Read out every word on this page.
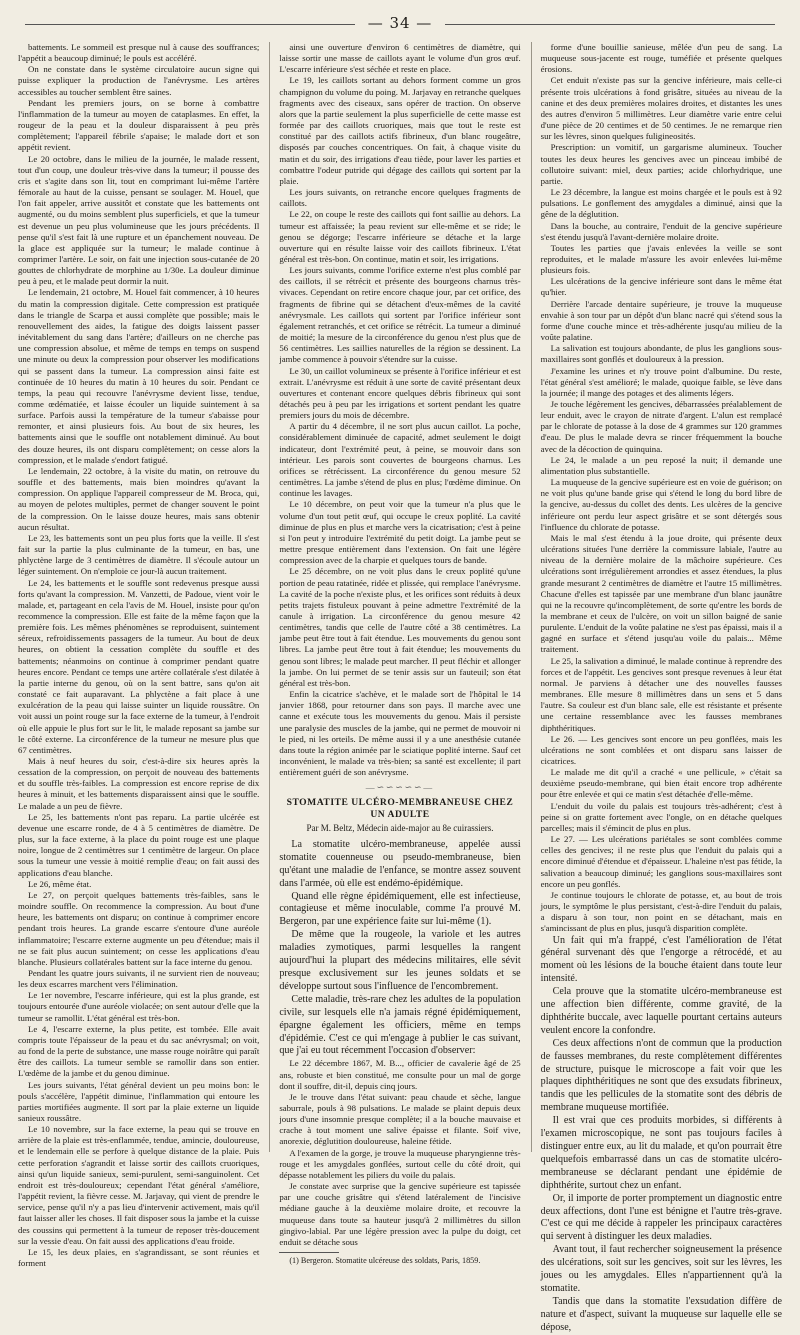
— 34 —

battements. Le sommeil est presque nul à cause des souffrances; l'appétit a beaucoup diminué; le pouls est accéléré.

On ne constate dans le système circulatoire aucun signe qui puisse expliquer la production de l'anévrysme. Les artères accessibles au toucher semblent être saines.

Pendant les premiers jours, on se borne à combattre l'inflammation de la tumeur au moyen de cataplasmes. En effet, la rougeur de la peau et la douleur disparaissent à peu près complètement; l'appareil fébrile s'apaise; le malade dort et son appétit revient.

Le 20 octobre, dans le milieu de la journée, le malade ressent, tout d'un coup, une douleur très-vive dans la tumeur; il pousse des cris et s'agite dans son lit, tout en comprimant lui-même l'artère fémorale au haut de la cuisse, pensant se soulager. M. Houel, que l'on fait appeler, arrive aussitôt et constate que les battements ont augmenté, ou du moins semblent plus superficiels, et que la tumeur est devenue un peu plus volumineuse que les jours précédents. Il pense qu'il s'est fait là une rupture et un épanchement nouveau. De la glace est appliquée sur la tumeur; le malade continue à comprimer l'artère. Le soir, on fait une injection sous-cutanée de 20 gouttes de chlorhydrate de morphine au 1/30e. La douleur diminue peu à peu, et le malade peut dormir la nuit.

Le lendemain, 21 octobre, M. Houel fait commencer, à 10 heures du matin la compression digitale. Cette compression est pratiquée dans le triangle de Scarpa et aussi complète que possible; mais le renouvellement des aides, la fatigue des doigts laissent passer inévitablement du sang dans l'artère; d'ailleurs on ne cherche pas une compression absolue, et même de temps en temps on suspend une minute ou deux la compression pour observer les modifications qui se passent dans la tumeur. La compression ainsi faite est continuée de 10 heures du matin à 10 heures du soir. Pendant ce temps, la peau qui recouvre l'anévrysme devient lisse, tendue, comme œdématiée, et laisse écouler un liquide suintement à sa surface. Parfois aussi la température de la tumeur s'abaisse pour remonter, et ainsi plusieurs fois. Au bout de six heures, les battements ainsi que le souffle ont notablement diminué. Au bout des douze heures, ils ont disparu complètement; on cesse alors la compression, et le malade s'endort fatigué.

Le lendemain, 22 octobre, à la visite du matin, on retrouve du souffle et des battements, mais bien moindres qu'avant la compression. On applique l'appareil compresseur de M. Broca, qui, au moyen de pelotes multiples, permet de changer souvent le point de la compression. On le laisse douze heures, mais sans obtenir aucun résultat.

Le 23, les battements sont un peu plus forts que la veille. Il s'est fait sur la partie la plus culminante de la tumeur, en bas, une phlyctène large de 3 centimètres de diamètre. Il s'écoule autour un léger suintement. On n'emploie ce jour-là aucun traitement.

Le 24, les battements et le souffle sont redevenus presque aussi forts qu'avant la compression. M. Vanzetti, de Padoue, vient voir le malade, et, partageant en cela l'avis de M. Houel, insiste pour qu'on recommence la compression. Elle est faite de la même façon que la première fois. Les mêmes phénomènes se reproduisent, suintement séreux, refroidissements passagers de la tumeur. Au bout de deux heures, on obtient la cessation complète du souffle et des battements; néanmoins on continue à comprimer pendant quatre heures encore. Pendant ce temps une artère collatérale s'est dilatée à la partie interne du genou, où on la sent battre, sans qu'on ait constaté ce fait auparavant. La phlyctène a fait place à une exulcération de la peau qui laisse suinter un liquide roussâtre. On voit aussi un point rouge sur la face externe de la tumeur, à l'endroit où elle appuie le plus fort sur le lit, le malade reposant sa jambe sur le côté externe. La circonférence de la tumeur ne mesure plus que 67 centimètres.

Mais à neuf heures du soir, c'est-à-dire six heures après la cessation de la compression, on perçoit de nouveau des battements et du souffle très-faibles. La compression est encore reprise de dix heures à minuit, et les battements disparaissent ainsi que le souffle. Le malade a un peu de fièvre.

Le 25, les battements n'ont pas reparu. La partie ulcérée est devenue une escarre ronde, de 4 à 5 centimètres de diamètre. De plus, sur la face externe, à la place du point rouge est une plaque noire, longue de 2 centimètres sur 1 centimètre de largeur. On place sous la tumeur une vessie à moitié remplie d'eau; on fait aussi des applications d'eau blanche.

Le 26, même état.

Le 27, on perçoit quelques battements très-faibles, sans le moindre souffle. On recommence la compression. Au bout d'une heure, les battements ont disparu; on continue à comprimer encore pendant trois heures. La grande escarre s'entoure d'une auréole inflammatoire; l'escarre externe augmente un peu d'étendue; mais il ne se fait plus aucun suintement; on cesse les applications d'eau blanche. Plusieurs collatérales battent sur la face interne du genou.

Pendant les quatre jours suivants, il ne survient rien de nouveau; les deux escarres marchent vers l'élimination.

Le 1er novembre, l'escarre inférieure, qui est la plus grande, est toujours entourée d'une auréole violacée; on sent autour d'elle que la tumeur se ramollit. L'état général est très-bon.

Le 4, l'escarre externe, la plus petite, est tombée. Elle avait compris toute l'épaisseur de la peau et du sac anévrysmal; on voit, au fond de la perte de substance, une masse rouge noirâtre qui paraît être des caillots. La tumeur semble se ramollir dans son entier. L'œdème de la jambe et du genou diminue.

Les jours suivants, l'état général devient un peu moins bon: le pouls s'accélère, l'appétit diminue, l'inflammation qui entoure les parties mortifiées augmente. Il sort par la plaie externe un liquide sanieux roussâtre.

Le 10 novembre, sur la face externe, la peau qui se trouve en arrière de la plaie est très-enflammée, tendue, amincie, douloureuse, et le lendemain elle se perfore à quelque distance de la plaie. Puis cette perforation s'agrandit et laisse sortir des caillots cruoriques, ainsi qu'un liquide sanieux, semi-purulent, semi-sanguinolent. Cet endroit est très-douloureux; cependant l'état général s'améliore, l'appétit revient, la fièvre cesse. M. Jarjavay, qui vient de prendre le service, pense qu'il n'y a pas lieu d'intervenir activement, mais qu'il faut laisser aller les choses. Il fait disposer sous la jambe et la cuisse des coussins qui permettent à la tumeur de reposer très-doucement sur la vessie d'eau. On fait aussi des applications d'eau froide.

Le 15, les deux plaies, en s'agrandissant, se sont réunies et forment

ainsi une ouverture d'environ 6 centimètres de diamètre, qui laisse sortir une masse de caillots ayant le volume d'un gros œuf. L'escarre inférieure s'est séchée et reste en place.

Le 19, les caillots sortant au dehors forment comme un gros champignon du volume du poing. M. Jarjavay en retranche quelques fragments avec des ciseaux, sans opérer de traction. On observe alors que la partie seulement la plus superficielle de cette masse est formée par des caillots cruoriques, mais que tout le reste est constitué par des caillots actifs fibrineux, d'un blanc rougeâtre, disposés par couches concentriques. On fait, à chaque visite du matin et du soir, des irrigations d'eau tiède, pour laver les parties et combattre l'odeur putride qui dégage des caillots qui sortent par la plaie.

Les jours suivants, on retranche encore quelques fragments de caillots.

Le 22, on coupe le reste des caillots qui font saillie au dehors. La tumeur est affaissée; la peau revient sur elle-même et se ride; le genou se dégorge; l'escarre inférieure se détache et la large ouverture qui en résulte laisse voir des caillots fibrineux. L'état général est très-bon. On continue, matin et soir, les irrigations.

Les jours suivants, comme l'orifice externe n'est plus comblé par des caillots, il se rétrécit et présente des bourgeons charnus très-vivaces. Cependant on retire encore chaque jour, par cet orifice, des fragments de fibrine qui se détachent d'eux-mêmes de la cavité anévrysmale. Les caillots qui sortent par l'orifice inférieur sont également retranchés, et cet orifice se rétrécit. La tumeur a diminué de moitié; la mesure de la circonférence du genou n'est plus que de 56 centimètres. Les saillies naturelles de la région se dessinent. La jambe commence à pouvoir s'étendre sur la cuisse.

Le 30, un caillot volumineux se présente à l'orifice inférieur et est extrait. L'anévrysme est réduit à une sorte de cavité présentant deux ouvertures et contenant encore quelques débris fibrineux qui sont détachés peu à peu par les irrigations et sortent pendant les quatre premiers jours du mois de décembre.

A partir du 4 décembre, il ne sort plus aucun caillot. La poche, considérablement diminuée de capacité, admet seulement le doigt indicateur, dont l'extrémité peut, à peine, se mouvoir dans son intérieur. Les parois sont couvertes de bourgeons charnus. Les orifices se rétrécissent. La circonférence du genou mesure 52 centimètres. La jambe s'étend de plus en plus; l'œdème diminue. On continue les lavages.

Le 10 décembre, on peut voir que la tumeur n'a plus que le volume d'un tout petit œuf, qui occupe le creux poplité. La cavité diminue de plus en plus et marche vers la cicatrisation; c'est à peine si l'on peut y introduire l'extrémité du petit doigt. La jambe peut se mettre presque entièrement dans l'extension. On fait une légère compression avec de la charpie et quelques tours de bande.

Le 25 décembre, on ne voit plus dans le creux poplité qu'une portion de peau ratatinée, ridée et plissée, qui remplace l'anévrysme. La cavité de la poche n'existe plus, et les orifices sont réduits à deux petits trajets fistuleux pouvant à peine admettre l'extrémité de la canule à irrigation. La circonférence du genou mesure 42 centimètres, tandis que celle de l'autre côté a 38 centimètres. La jambe peut être tout à fait étendue. Les mouvements du genou sont libres. La jambe peut être tout à fait étendue; les mouvements du genou sont libres; le malade peut marcher. Il peut fléchir et allonger la jambe. On lui permet de se tenir assis sur un fauteuil; son état général est très-bon.

Enfin la cicatrice s'achève, et le malade sort de l'hôpital le 14 janvier 1868, pour retourner dans son pays. Il marche avec une canne et exécute tous les mouvements du genou. Mais il persiste une paralysie des muscles de la jambe, qui ne permet de mouvoir ni le pied, ni les orteils. De même aussi il y a une anesthésie cutanée dans toute la région animée par le sciatique poplité interne. Sauf cet inconvénient, le malade va très-bien; sa santé est excellente; il part entièrement guéri de son anévrysme.

—∽∽∽∽∽—
STOMATITE ULCÉRO-MEMBRANEUSE CHEZ UN ADULTE
Par M. Beltz, Médecin aide-major au 8e cuirassiers.

La stomatite ulcéro-membraneuse, appelée aussi stomatite couenneuse ou pseudo-membraneuse, bien qu'étant une maladie de l'enfance, se montre assez souvent dans l'armée, où elle est endémo-épidémique.

Quand elle règne épidémiquement, elle est infectieuse, contagieuse et même inoculable, comme l'a prouvé M. Bergeron, par une expérience faite sur lui-même (1).

De même que la rougeole, la variole et les autres maladies zymotiques, parmi lesquelles la rangent aujourd'hui la plupart des médecins militaires, elle sévit presque exclusivement sur les jeunes soldats et se développe surtout sous l'influence de l'encombrement.

Cette maladie, très-rare chez les adultes de la population civile, sur lesquels elle n'a jamais régné épidémiquement, épargne également les officiers, même en temps d'épidémie. C'est ce qui m'engage à publier le cas suivant, que j'ai eu tout récemment l'occasion d'observer:

Le 22 décembre 1867, M. B..., officier de cavalerie âgé de 25 ans, robuste et bien constitué, me consulte pour un mal de gorge dont il souffre, dit-il, depuis cinq jours.

Je le trouve dans l'état suivant: peau chaude et sèche, langue saburrale, pouls à 98 pulsations. Le malade se plaint depuis deux jours d'une insomnie presque complète; il a la bouche mauvaise et crache à tout moment une salive épaisse et filante. Soif vive, anorexie, déglutition douloureuse, haleine fétide.

A l'examen de la gorge, je trouve la muqueuse pharyngienne très-rouge et les amygdales gonflées, surtout celle du côté droit, qui dépasse notablement les piliers du voile du palais.

Je constate avec surprise que la gencive supérieure est tapissée par une couche grisâtre qui s'étend latéralement de l'incisive médiane gauche à la deuxième molaire droite, et recouvre la muqueuse dans toute sa hauteur jusqu'à 2 millimètres du sillon gingivo-labial. Par une légère pression avec la pulpe du doigt, cet enduit se détache sous

(1) Bergeron. Stomatite ulcéreuse des soldats, Paris, 1859.

forme d'une bouillie sanieuse, mêlée d'un peu de sang. La muqueuse sous-jacente est rouge, tuméfiée et présente quelques érosions.

Cet enduit n'existe pas sur la gencive inférieure, mais celle-ci présente trois ulcérations à fond grisâtre, situées au niveau de la canine et des deux premières molaires droites, et distantes les unes des autres d'environ 5 millimètres. Leur diamètre varie entre celui d'une pièce de 20 centimes et de 50 centimes. Je ne remarque rien sur les lèvres, sinon quelques fuligineosités.

Prescription: un vomitif, un gargarisme alumineux. Toucher toutes les deux heures les gencives avec un pinceau imbibé de collutoire suivant: miel, deux parties; acide chlorhydrique, une partie.

Le 23 décembre, la langue est moins chargée et le pouls est à 92 pulsations. Le gonflement des amygdales a diminué, ainsi que la gêne de la déglutition.

Dans la bouche, au contraire, l'enduit de la gencive supérieure s'est étendu jusqu'à l'avant-dernière molaire droite.

Toutes les parties que j'avais enlevées la veille se sont reproduites, et le malade m'assure les avoir enlevées lui-même plusieurs fois.

Les ulcérations de la gencive inférieure sont dans le même état qu'hier.

Derrière l'arcade dentaire supérieure, je trouve la muqueuse envahie à son tour par un dépôt d'un blanc nacré qui s'étend sous la forme d'une couche mince et très-adhérente jusqu'au milieu de la voûte palatine.

La salivation est toujours abondante, de plus les ganglions sous-maxillaires sont gonflés et douloureux à la pression.

J'examine les urines et n'y trouve point d'albumine. Du reste, l'état général s'est amélioré; le malade, quoique faible, se lève dans la journée; il mange des potages et des aliments légers.

Je touche légèrement les gencives, débarrassées préalablement de leur enduit, avec le crayon de nitrate d'argent. L'alun est remplacé par le chlorate de potasse à la dose de 4 grammes sur 120 grammes d'eau. De plus le malade devra se rincer fréquemment la bouche avec de la décoction de quinquina.

Le 24, le malade a un peu reposé la nuit; il demande une alimentation plus substantielle.

La muqueuse de la gencive supérieure est en voie de guérison; on ne voit plus qu'une bande grise qui s'étend le long du bord libre de la gencive, au-dessus du collet des dents. Les ulcères de la gencive inférieure ont perdu leur aspect grisâtre et se sont détergés sous l'influence du chlorate de potasse.

Mais le mal s'est étendu à la joue droite, qui présente deux ulcérations situées l'une derrière la commissure labiale, l'autre au niveau de la dernière molaire de la mâchoire supérieure. Ces ulcérations sont irrégulièrement arrondies et assez étendues, la plus grande mesurant 2 centimètres de diamètre et l'autre 15 millimètres. Chacune d'elles est tapissée par une membrane d'un blanc jaunâtre qui ne la recouvre qu'incomplètement, de sorte qu'entre les bords de la membrane et ceux de l'ulcère, on voit un sillon baigné de sanie purulente. L'enduit de la voûte palatine ne s'est pas épaissi, mais il a gagné en surface et s'étend jusqu'au voile du palais... Même traitement.

Le 25, la salivation a diminué, le malade continue à reprendre des forces et de l'appétit. Les gencives sont presque revenues à leur état normal. Je parviens à détacher une des nouvelles fausses membranes. Elle mesure 8 millimètres dans un sens et 5 dans l'autre. Sa couleur est d'un blanc sale, elle est résistante et présente une certaine ressemblance avec les fausses membranes diphthéritiques.

Le 26. — Les gencives sont encore un peu gonflées, mais les ulcérations ne sont comblées et ont disparu sans laisser de cicatrices.

Le malade me dit qu'il a craché « une pellicule, » c'était sa deuxième pseudo-membrane, qui bien était encore trop adhérente pour être enlevée et qui ce matin s'est détachée d'elle-même.

L'enduit du voile du palais est toujours très-adhérent; c'est à peine si on gratte fortement avec l'ongle, on en détache quelques parcelles; mais il s'émincit de plus en plus.

Le 27. — Les ulcérations pariétales se sont comblées comme celles des gencives; il ne reste plus que l'enduit du palais qui a encore diminué d'étendue et d'épaisseur. L'haleine n'est pas fétide, la salivation a beaucoup diminué; les ganglions sous-maxillaires sont encore un peu gonflés.

Je continue toujours le chlorate de potasse, et, au bout de trois jours, le symptôme le plus persistant, c'est-à-dire l'enduit du palais, a disparu à son tour, non point en se détachant, mais en s'amincissant de plus en plus, jusqu'à disparition complète.

Un fait qui m'a frappé, c'est l'amélioration de l'état général survenant dès que l'engorge a rétrocédé, et au moment où les lésions de la bouche étaient dans toute leur intensité.

Cela prouve que la stomatite ulcéro-membraneuse est une affection bien différente, comme gravité, de la diphthérite buccale, avec laquelle pourtant certains auteurs veulent encore la confondre.

Ces deux affections n'ont de commun que la production de fausses membranes, du reste complètement différentes de structure, puisque le microscope a fait voir que les plaques diphthéritiques ne sont que des exsudats fibrineux, tandis que les pellicules de la stomatite sont des débris de membrane muqueuse mortifiée.

Il est vrai que ces produits morbides, si différents à l'examen microscopique, ne sont pas toujours faciles à distinguer entre eux, au lit du malade, et qu'on pourrait être quelquefois embarrassé dans un cas de stomatite ulcéro-membraneuse se déclarant pendant une épidémie de diphthérite, surtout chez un enfant.

Or, il importe de porter promptement un diagnostic entre deux affections, dont l'une est bénigne et l'autre très-grave. C'est ce qui me décide à rappeler les principaux caractères qui servent à distinguer les deux maladies.

Avant tout, il faut rechercher soigneusement la présence des ulcérations, soit sur les gencives, soit sur les lèvres, les joues ou les amygdales. Elles n'appartiennent qu'à la stomatite.

Tandis que dans la stomatite l'exsudation diffère de nature et d'aspect, suivant la muqueuse sur laquelle elle se dépose,
